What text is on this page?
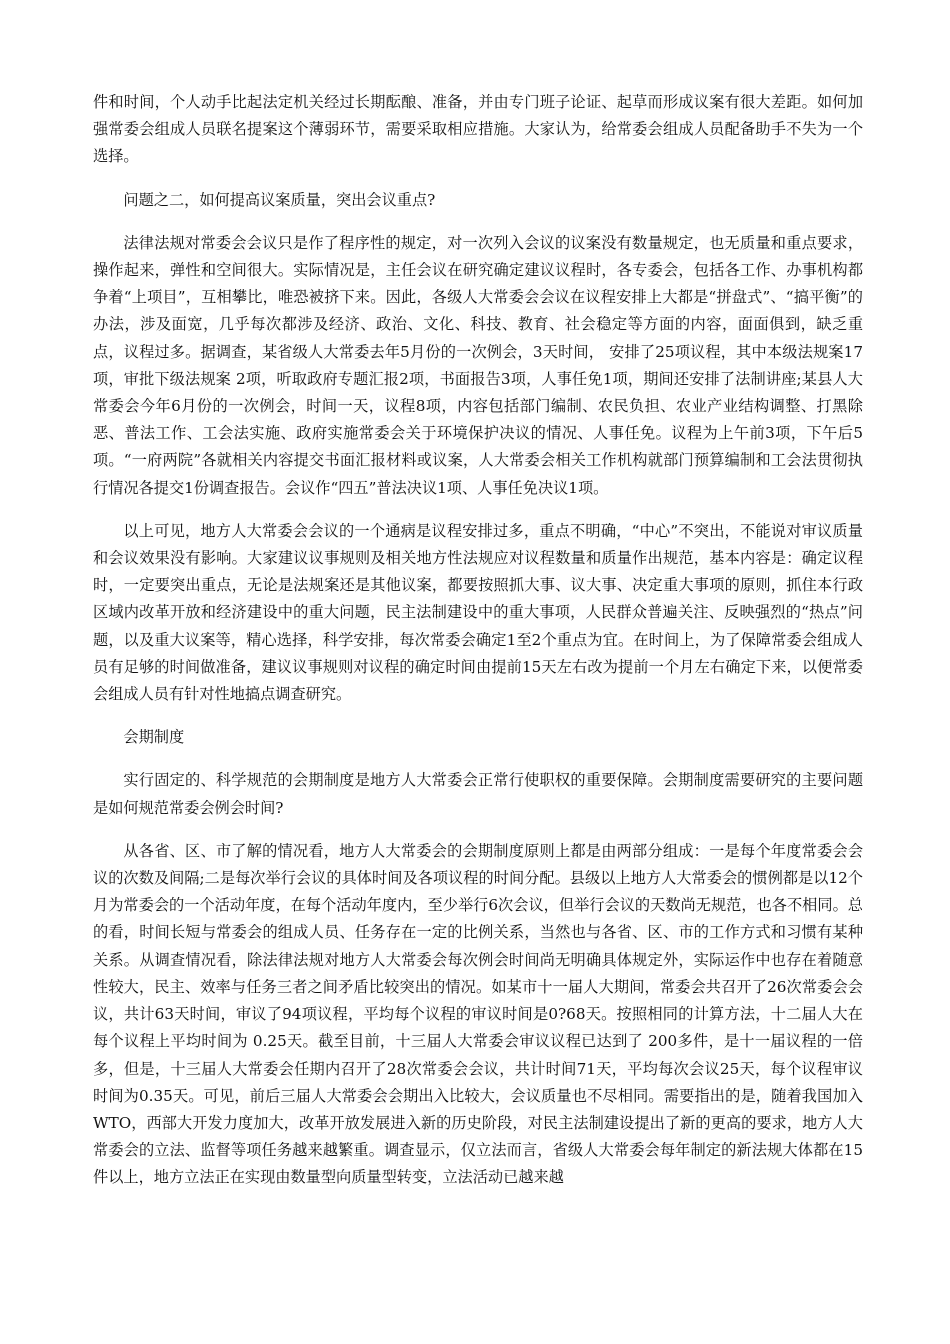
件和时间，个人动手比起法定机关经过长期酝酿、准备，并由专门班子论证、起草而形成议案有很大差距。如何加强常委会组成人员联名提案这个薄弱环节，需要采取相应措施。大家认为，给常委会组成人员配备助手不失为一个选择。

问题之二，如何提高议案质量，突出会议重点?

法律法规对常委会会议只是作了程序性的规定，对一次列入会议的议案没有数量规定，也无质量和重点要求，操作起来，弹性和空间很大。实际情况是，主任会议在研究确定建议议程时，各专委会，包括各工作、办事机构都争着“上项目”，互相攀比，唯恐被挤下来。因此，各级人大常委会会议在议程安排上大都是“拼盘式”、“搞平衡”的办法，涉及面宽，几乎每次都涉及经济、政治、文化、科技、教育、社会稳定等方面的内容，面面俱到，缺乏重点，议程过多。据调查，某省级人大常委去年5月份的一次例会，3天时间， 安排了25项议程，其中本级法规案17项，审批下级法规案 2项，听取政府专题汇报2项，书面报告3项，人事任免1项，期间还安排了法制讲座;某县人大常委会今年6月份的一次例会，时间一天，议程8项，内容包括部门编制、农民负担、农业产业结构调整、打黑除恶、普法工作、工会法实施、政府实施常委会关于环境保护决议的情况、人事任免。议程为上午前3项，下午后5项。“一府两院”各就相关内容提交书面汇报材料或议案，人大常委会相关工作机构就部门预算编制和工会法贯彻执行情况各提交1份调查报告。会议作“四五”普法决议1项、人事任免决议1项。

以上可见，地方人大常委会会议的一个通病是议程安排过多，重点不明确，“中心”不突出，不能说对审议质量和会议效果没有影响。大家建议议事规则及相关地方性法规应对议程数量和质量作出规范，基本内容是：确定议程时，一定要突出重点，无论是法规案还是其他议案，都要按照抓大事、议大事、决定重大事项的原则，抓住本行政区域内改革开放和经济建设中的重大问题，民主法制建设中的重大事项，人民群众普遍关注、反映强烈的“热点”问题，以及重大议案等，精心选择，科学安排，每次常委会确定1至2个重点为宜。在时间上，为了保障常委会组成人员有足够的时间做准备，建议议事规则对议程的确定时间由提前15天左右改为提前一个月左右确定下来，以便常委会组成人员有针对性地搞点调查研究。

会期制度

实行固定的、科学规范的会期制度是地方人大常委会正常行使职权的重要保障。会期制度需要研究的主要问题是如何规范常委会例会时间?

从各省、区、市了解的情况看，地方人大常委会的会期制度原则上都是由两部分组成：一是每个年度常委会会议的次数及间隔;二是每次举行会议的具体时间及各项议程的时间分配。县级以上地方人大常委会的惯例都是以12个月为常委会的一个活动年度，在每个活动年度内，至少举行6次会议，但举行会议的天数尚无规范，也各不相同。总的看，时间长短与常委会的组成人员、任务存在一定的比例关系，当然也与各省、区、市的工作方式和习惯有某种关系。从调查情况看，除法律法规对地方人大常委会每次例会时间尚无明确具体规定外，实际运作中也存在着随意性较大，民主、效率与任务三者之间矛盾比较突出的情况。如某市十一届人大期间，常委会共召开了26次常委会会议，共计63天时间，审议了94项议程，平均每个议程的审议时间是0?68天。按照相同的计算方法，十二届人大在每个议程上平均时间为 0.25天。截至目前，十三届人大常委会审议议程已达到了 200多件，是十一届议程的一倍多，但是，十三届人大常委会任期内召开了28次常委会会议，共计时间71天，平均每次会议25天，每个议程审议时间为0.35天。可见，前后三届人大常委会会期出入比较大，会议质量也不尽相同。需要指出的是，随着我国加入WTO，西部大开发力度加大，改革开放发展进入新的历史阶段，对民主法制建设提出了新的更高的要求，地方人大常委会的立法、监督等项任务越来越繁重。调查显示，仅立法而言，省级人大常委会每年制定的新法规大体都在15件以上，地方立法正在实现由数量型向质量型转变，立法活动已越来越
